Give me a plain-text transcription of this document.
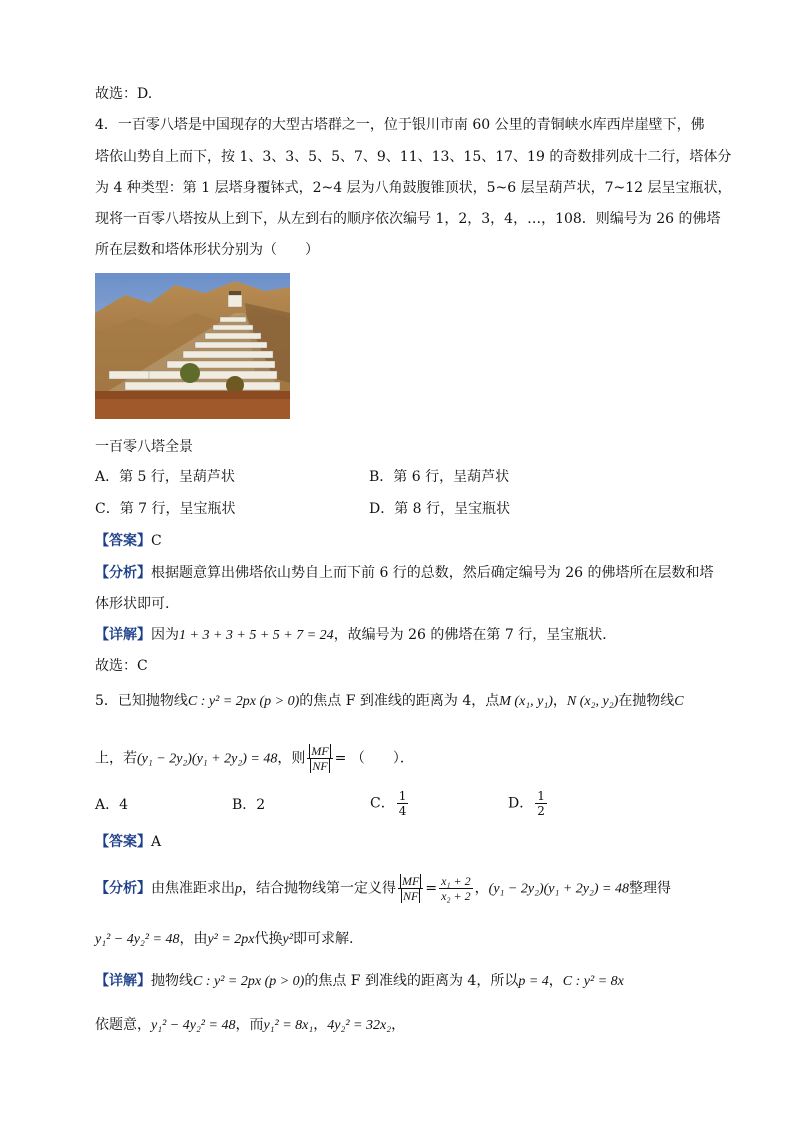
故选：D.
4．一百零八塔是中国现存的大型古塔群之一，位于银川市南 60 公里的青铜峡水库西岸崖壁下，佛
塔依山势自上而下，按 1、3、3、5、5、7、9、11、13、15、17、19 的奇数排列成十二行，塔体分
为 4 种类型：第 1 层塔身覆钵式，2~4 层为八角鼓腹锥顶状，5~6 层呈葫芦状，7~12 层呈宝瓶状，
现将一百零八塔按从上到下，从左到右的顺序依次编号 1，2，3，4，…，108．则编号为 26 的佛塔
所在层数和塔体形状分别为（　　）
一百零八塔全景
A．第 5 行，呈葫芦状	B．第 6 行，呈葫芦状
C．第 7 行，呈宝瓶状	D．第 8 行，呈宝瓶状
【答案】C
【分析】根据题意算出佛塔依山势自上而下前 6 行的总数，然后确定编号为 26 的佛塔所在层数和塔
体形状即可.
【详解】因为1 + 3 + 3 + 5 + 5 + 7 = 24，故编号为 26 的佛塔在第 7 行，呈宝瓶状．
故选：C
5．已知抛物线C : y² = 2px (p > 0)的焦点 F 到准线的距离为 4，点M (x₁, y₁)，N (x₂, y₂)在抛物线C
上，若(y₁ − 2y₂)(y₁ + 2y₂) = 48，则 $\frac{MF}{NF}$ = （　　）．
A．4	B．2	C． $\frac{1}{4}$	D． $\frac{1}{2}$
【答案】A
【分析】由焦准距求出p，结合抛物线第一定义得 $\frac{MF}{NF} = \frac{\text{x₁ + 2}}{\text{x₂ + 2}}$ ，(y₁ − 2y₂)(y₁ + 2y₂) = 48整理得
y₁² − 4y₂² = 48，由y² = 2px代换y²即可求解.
【详解】抛物线C : y² = 2px (p > 0)的焦点 F 到准线的距离为 4，所以p = 4，C : y² = 8x
依题意，y₁² − 4y₂² = 48，而y₁² = 8x₁，4y₂² = 32x₂，
